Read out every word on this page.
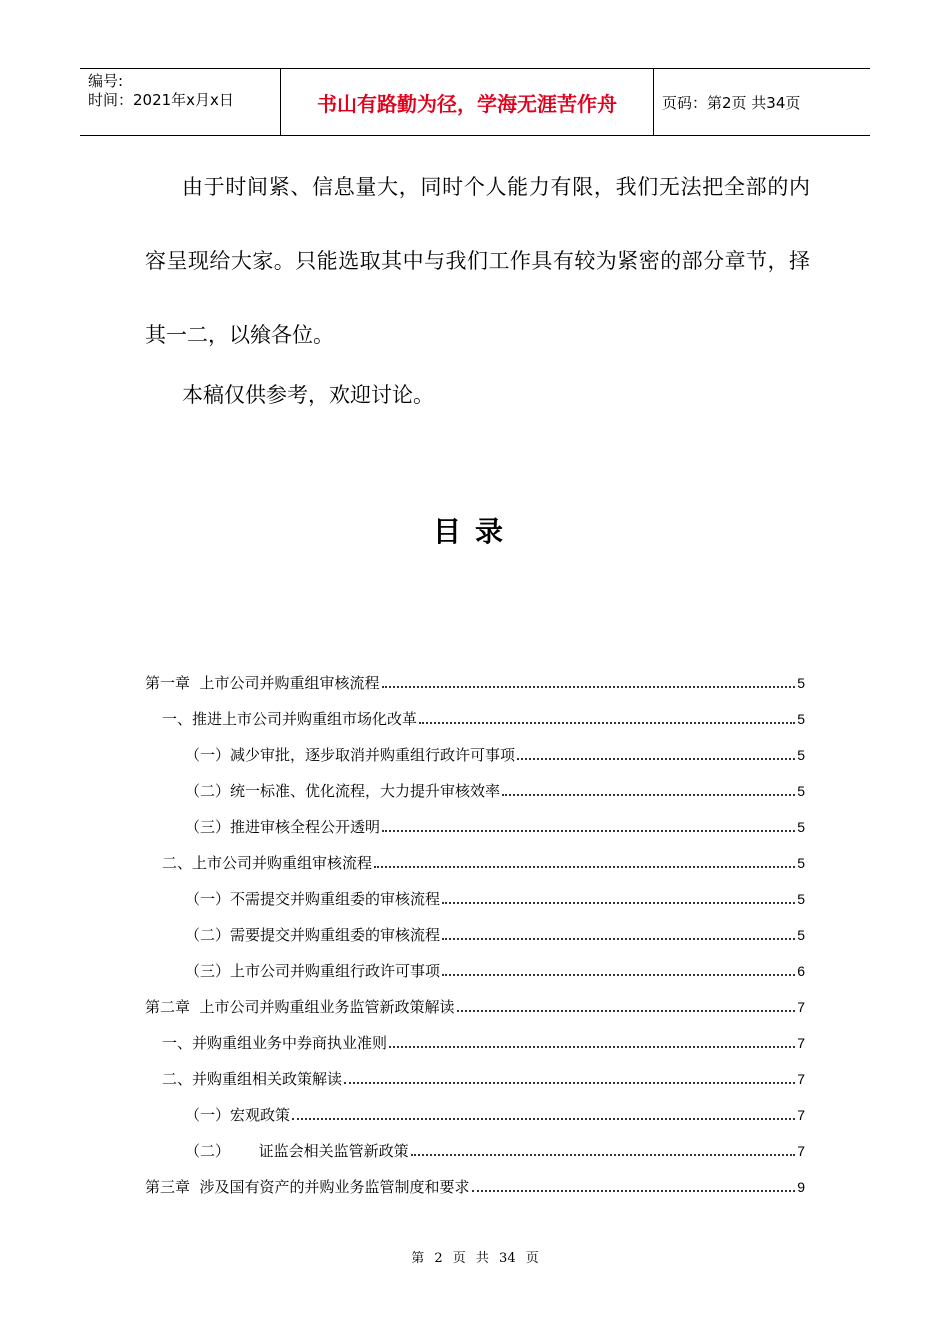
编号:
时间：2021年x月x日	书山有路勤为径，学海无涯苦作舟	页码：第2页 共34页

由于时间紧、信息量大，同时个人能力有限，我们无法把全部的内容呈现给大家。只能选取其中与我们工作具有较为紧密的部分章节，择其一二，以飨各位。

本稿仅供参考，欢迎讨论。

目录
第一章  上市公司并购重组审核流程	5
一、推进上市公司并购重组市场化改革	5
（一）减少审批，逐步取消并购重组行政许可事项	5
（二）统一标准、优化流程，大力提升审核效率	5
（三）推进审核全程公开透明	5
二、上市公司并购重组审核流程	5
（一）不需提交并购重组委的审核流程	5
（二）需要提交并购重组委的审核流程	5
（三）上市公司并购重组行政许可事项	6
第二章  上市公司并购重组业务监管新政策解读	7
一、并购重组业务中券商执业准则	7
二、并购重组相关政策解读	7
（一）宏观政策	7
（二）      证监会相关监管新政策	7
第三章  涉及国有资产的并购业务监管制度和要求	9
第 2 页 共 34 页
